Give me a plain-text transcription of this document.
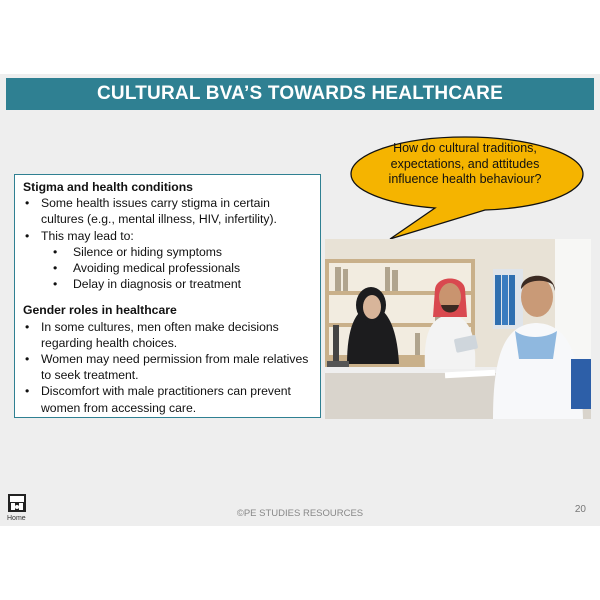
CULTURAL BVA’S TOWARDS HEALTHCARE
How do cultural traditions, expectations, and attitudes influence health behaviour?

Stigma and health conditions

• Some health issues carry stigma in certain cultures (e.g., mental illness, HIV, infertility).
• This may lead to:
• Silence or hiding symptoms
• Avoiding medical professionals
• Delay in diagnosis or treatment

Gender roles in healthcare

• In some cultures, men often make decisions regarding health choices.
• Women may need permission from male relatives to seek treatment.
• Discomfort with male practitioners can prevent women from accessing care.
Home	©PE STUDIES RESOURCES	20
